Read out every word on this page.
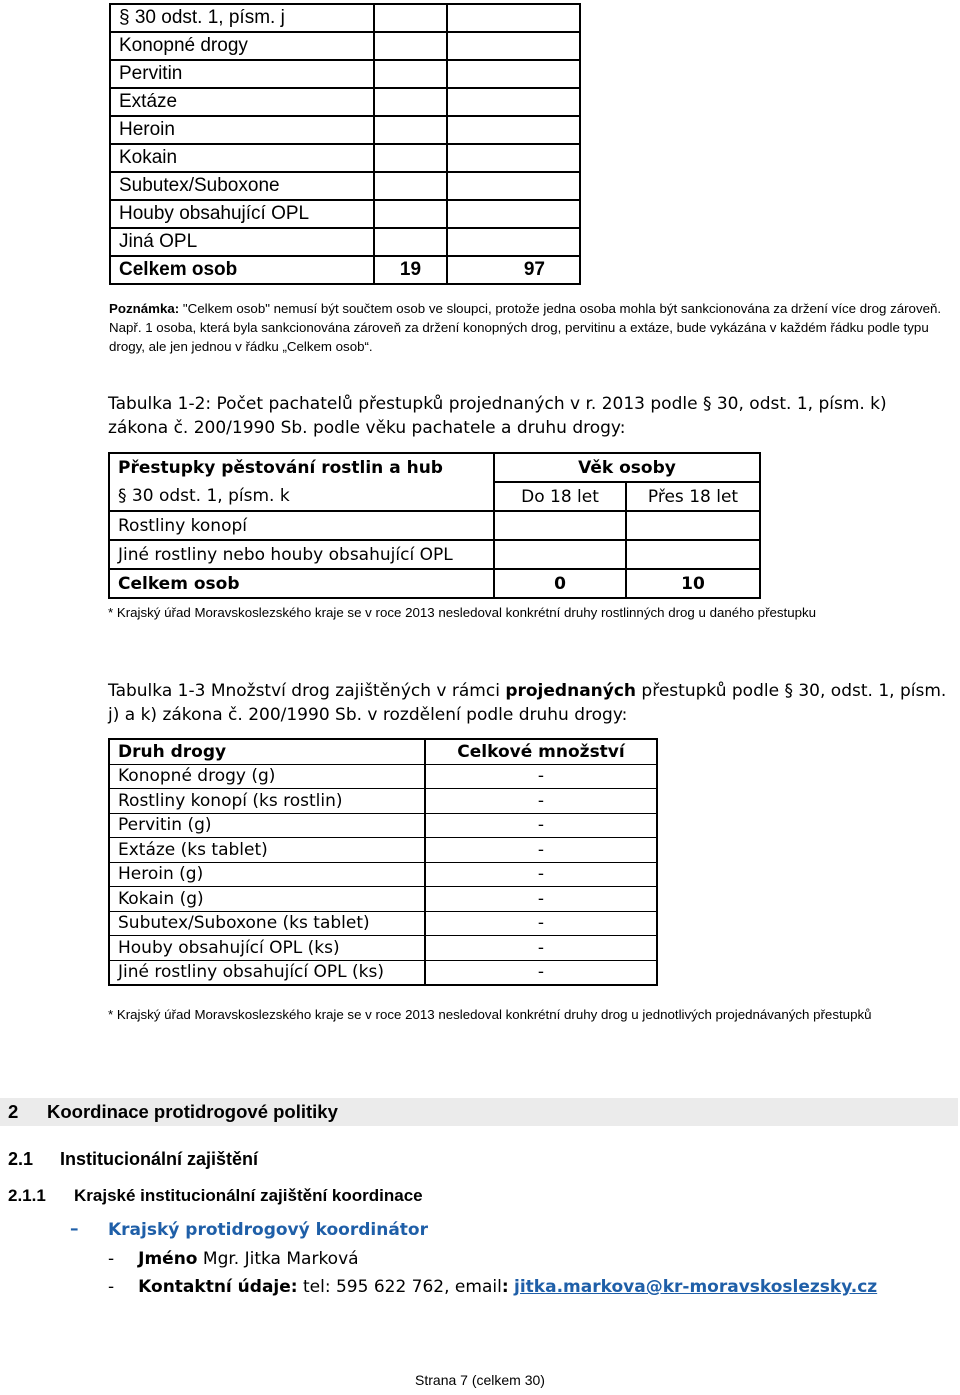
§ 30 odst. 1, písm. j		
Konopné drogy		
Pervitin		
Extáze		
Heroin		
Kokain		
Subutex/Suboxone		
Houby obsahující OPL		
Jiná OPL		
Celkem osob	19	97
Poznámka: "Celkem osob" nemusí být součtem osob ve sloupci, protože jedna osoba mohla být sankcionována za držení více drog zároveň. Např. 1 osoba, která byla sankcionována zároveň za držení konopných drog, pervitinu a extáze, bude vykázána v každém řádku podle typu drogy, ale jen jednou v řádku „Celkem osob“.
Tabulka 1-2: Počet pachatelů přestupků projednaných v r. 2013 podle § 30, odst. 1, písm. k) zákona č. 200/1990 Sb. podle věku pachatele a druhu drogy:
Přestupky pěstování rostlin a hub	Věk osoby	
§ 30 odst. 1, písm. k	Do 18 let	Přes 18 let
Rostliny konopí		
Jiné rostliny nebo houby obsahující OPL		
Celkem osob	0	10
* Krajský úřad Moravskoslezského kraje se v roce 2013 nesledoval konkrétní druhy rostlinných drog u daného přestupku
Tabulka 1-3 Množství drog zajištěných v rámci projednaných přestupků podle § 30, odst. 1, písm. j) a k) zákona č. 200/1990 Sb. v rozdělení podle druhu drogy:
Druh drogy	Celkové množství
Konopné drogy (g)	-
Rostliny konopí (ks rostlin)	-
Pervitin (g)	-
Extáze (ks tablet)	-
Heroin (g)	-
Kokain (g)	-
Subutex/Suboxone (ks tablet)	-
Houby obsahující OPL (ks)	-
Jiné rostliny obsahující OPL (ks)	-
* Krajský úřad Moravskoslezského kraje se v roce 2013 nesledoval konkrétní druhy drog u jednotlivých projednávaných přestupků
2 Koordinace protidrogové politiky
2.1 Institucionální zajištění
2.1.1 Krajské institucionální zajištění koordinace
– Krajský protidrogový koordinátor
- Jméno Mgr. Jitka Marková
- Kontaktní údaje: tel: 595 622 762, email: jitka.markova@kr-moravskoslezsky.cz
Strana 7 (celkem 30)
